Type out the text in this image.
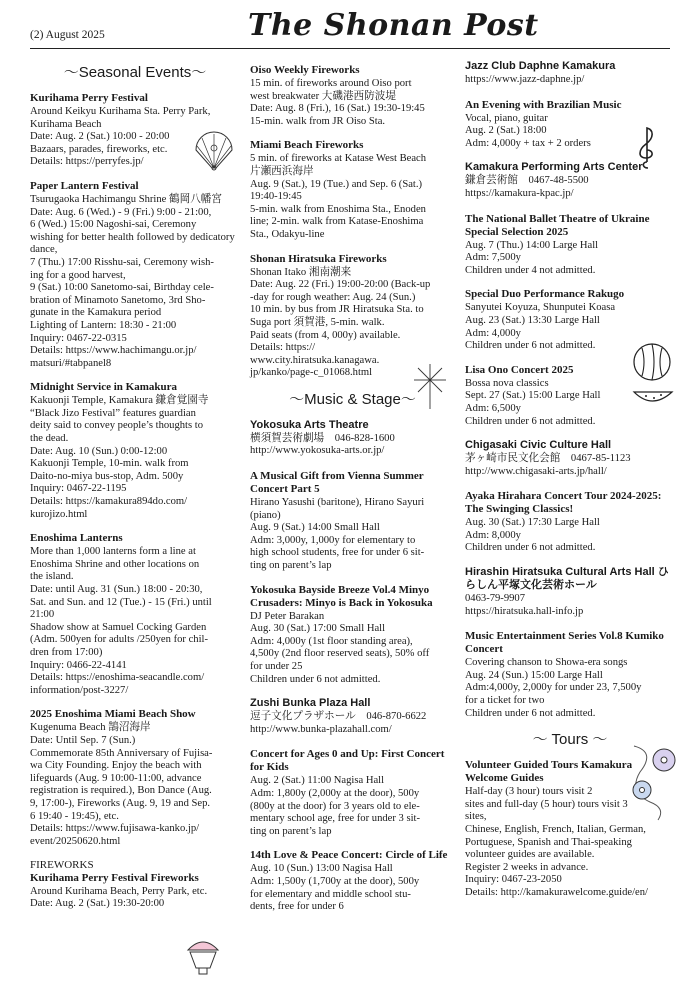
(2) August 2025	The Shonan Post
～Seasonal Events～
Kurihama Perry Festival
Around Keikyu Kurihama Sta. Perry Park,
Kurihama Beach
Date: Aug. 2 (Sat.) 10:00 - 20:00
Bazaars, parades, fireworks, etc.
Details: https://perryfes.jp/
Paper Lantern Festival
Tsurugaoka Hachimangu Shrine 鶴岡八幡宮
Date: Aug. 6 (Wed.) - 9 (Fri.) 9:00 - 21:00,
6 (Wed.) 15:00 Nagoshi-sai, Ceremony
wishing for better health followed by dedicatory
dance,
7 (Thu.) 17:00 Risshu-sai, Ceremony wish-
ing for a good harvest,
9 (Sat.) 10:00 Sanetomo-sai, Birthday cele-
bration of Minamoto Sanetomo, 3rd Sho-
gunate in the Kamakura period
Lighting of Lantern: 18:30 - 21:00
Inquiry: 0467-22-0315
Details: https://www.hachimangu.or.jp/
matsuri/#tabpanel8
Midnight Service in Kamakura
Kakuonji Temple, Kamakura 鎌倉覚園寺
“Black Jizo Festival” features guardian
deity said to convey people’s thoughts to
the dead.
Date: Aug. 10 (Sun.) 0:00-12:00
Kakuonji Temple, 10-min. walk from
Daito-no-miya bus-stop, Adm. 500y
Inquiry: 0467-22-1195
Details: https://kamakura894do.com/
kurojizo.html
Enoshima Lanterns
More than 1,000 lanterns form a line at
Enoshima Shrine and other locations on
the island.
Date: until Aug. 31 (Sun.) 18:00 - 20:30,
Sat. and Sun. and 12 (Tue.) - 15 (Fri.) until
21:00
Shadow show at Samuel Cocking Garden
(Adm. 500yen for adults /250yen for chil-
dren from 17:00)
Inquiry: 0466-22-4141
Details: https://enoshima-seacandle.com/
information/post-3227/
2025 Enoshima Miami Beach Show
Kugenuma Beach 鵠沼海岸
Date: Until Sep. 7 (Sun.)
Commemorate 85th Anniversary of Fujisa-
wa City Founding. Enjoy the beach with
lifeguards (Aug. 9 10:00-11:00, advance
registration is required.), Bon Dance (Aug.
9, 17:00-), Fireworks (Aug. 9, 19 and Sep.
6 19:40 - 19:45), etc.
Details: https://www.fujisawa-kanko.jp/
event/20250620.html
FIREWORKS
Kurihama Perry Festival Fireworks
Around Kurihama Beach, Perry Park, etc.
Date: Aug. 2 (Sat.) 19:30-20:00
Oiso Weekly Fireworks
15 min. of fireworks around Oiso port
west breakwater 大磯港西防波堤
Date: Aug. 8 (Fri.), 16 (Sat.) 19:30-19:45
15-min. walk from JR Oiso Sta.
Miami Beach Fireworks
5 min. of fireworks at Katase West Beach
片瀬西浜海岸
Aug. 9 (Sat.), 19 (Tue.) and Sep. 6 (Sat.)
19:40-19:45
5-min. walk from Enoshima Sta., Enoden
line; 2-min. walk from Katase-Enoshima
Sta., Odakyu-line
Shonan Hiratsuka Fireworks
Shonan Itako 湘南潮来
Date: Aug. 22 (Fri.) 19:00-20:00 (Back-up
-day for rough weather: Aug. 24 (Sun.)
10 min. by bus from JR Hiratsuka Sta. to
Suga port 須賀港, 5-min. walk.
Paid seats (from 4, 000y) available.
Details: https://
www.city.hiratsuka.kanagawa.
jp/kanko/page-c_01068.html
～Music & Stage～
Yokosuka Arts Theatre
横須賀芸術劇場　046-828-1600
http://www.yokosuka-arts.or.jp/
A Musical Gift from Vienna Summer Concert Part 5
Hirano Yasushi (baritone), Hirano Sayuri
(piano)
Aug. 9 (Sat.) 14:00 Small Hall
Adm: 3,000y, 1,000y for elementary to
high school students, free for under 6 sit-
ting on parent’s lap
Yokosuka Bayside Breeze Vol.4 Minyo Crusaders: Minyo is Back in Yokosuka
DJ Peter Barakan
Aug. 30 (Sat.) 17:00 Small Hall
Adm: 4,000y (1st floor standing area),
4,500y (2nd floor reserved seats), 50% off
for under 25
Children under 6 not admitted.
Zushi Bunka Plaza Hall
逗子文化プラザホール　046-870-6622
http://www.bunka-plazahall.com/
Concert for Ages 0 and Up: First Concert for Kids
Aug. 2 (Sat.) 11:00 Nagisa Hall
Adm: 1,800y (2,000y at the door), 500y
(800y at the door) for 3 years old to ele-
mentary school age, free for under 3 sit-
ting on parent’s lap
14th Love & Peace Concert: Circle of Life
Aug. 10 (Sun.) 13:00 Nagisa Hall
Adm: 1,500y (1,700y at the door), 500y
for elementary and middle school stu-
dents, free for under 6
Jazz Club Daphne Kamakura
https://www.jazz-daphne.jp/
An Evening with Brazilian Music
Vocal, piano, guitar
Aug. 2 (Sat.) 18:00
Adm: 4,000y + tax + 2 orders
Kamakura Performing Arts Center
鎌倉芸術館　0467-48-5500
https://kamakura-kpac.jp/
The National Ballet Theatre of Ukraine Special Selection 2025
Aug. 7 (Thu.) 14:00 Large Hall
Adm: 7,500y
Children under 4 not admitted.
Special Duo Performance Rakugo
Sanyutei Koyuza, Shunputei Koasa
Aug. 23 (Sat.) 13:30 Large Hall
Adm: 4,000y
Children under 6 not admitted.
Lisa Ono Concert 2025
Bossa nova classics
Sept. 27 (Sat.) 15:00 Large Hall
Adm: 6,500y
Children under 6 not admitted.
Chigasaki Civic Culture Hall
茅ヶ崎市民文化会館　0467-85-1123
http://www.chigasaki-arts.jp/hall/
Ayaka Hirahara Concert Tour 2024-2025: The Swinging Classics!
Aug. 30 (Sat.) 17:30 Large Hall
Adm: 8,000y
Children under 6 not admitted.
Hirashin Hiratsuka Cultural Arts Hall ひらしん平塚文化芸術ホール
0463-79-9907
https://hiratsuka.hall-info.jp
Music Entertainment Series Vol.8 Kumiko Concert
Covering chanson to Showa-era songs
Aug. 24 (Sun.) 15:00 Large Hall
Adm:4,000y, 2,000y for under 23, 7,500y
for a ticket for two
Children under 6 not admitted.
～ Tours ～
Volunteer Guided Tours Kamakura Welcome Guides
Half-day (3 hour) tours visit 2
sites and full-day (5 hour) tours visit 3
sites,
Chinese, English, French, Italian, German,
Portuguese, Spanish and Thai-speaking
volunteer guides are available.
Register 2 weeks in advance.
Inquiry: 0467-23-2050
Details: http://kamakurawelcome.guide/en/
